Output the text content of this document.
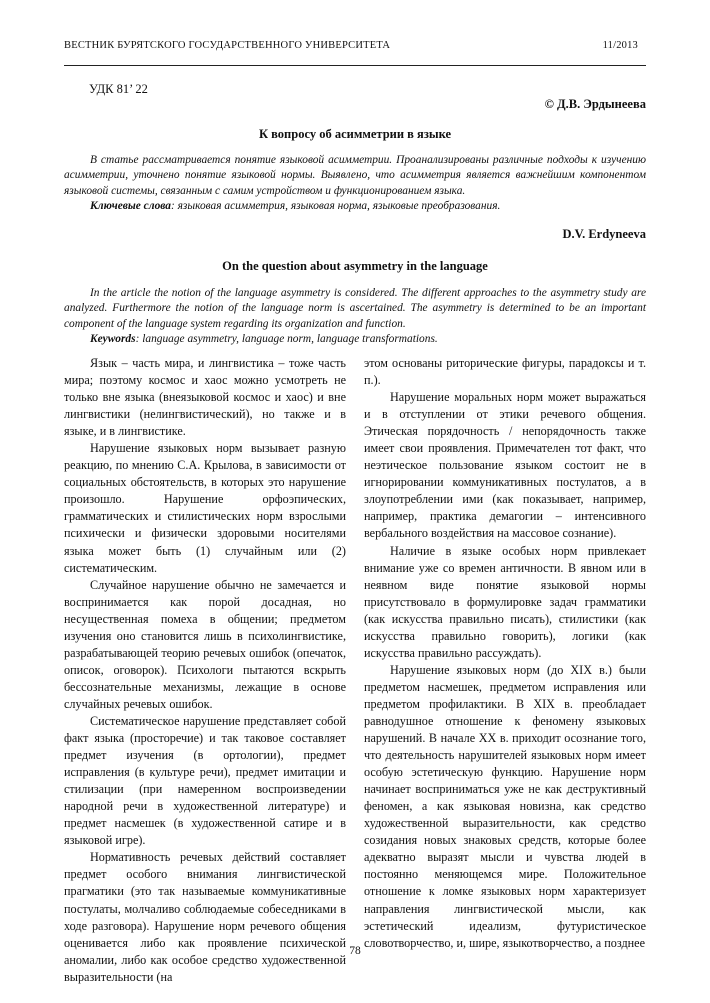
ВЕСТНИК БУРЯТСКОГО ГОСУДАРСТВЕННОГО УНИВЕРСИТЕТА	11/2013
УДК 81’ 22
© Д.В. Эрдынеева
К вопросу об асимметрии в языке

В статье рассматривается понятие языковой асимметрии. Проанализированы различные подходы к изучению асимметрии, уточнено понятие языковой нормы. Выявлено, что асимметрия является важнейшим компонентом языковой системы, связанным с самим устройством и функционированием языка.

Ключевые слова: языковая асимметрия, языковая норма, языковые преобразования.

D.V. Erdyneeva
On the question about asymmetry in the language

In the article the notion of the language asymmetry is considered. The different approaches to the asymmetry study are analyzed. Furthermore the notion of the language norm is ascertained. The asymmetry is determined to be an important component of the language system regarding its organization and function.

Keywords: language asymmetry, language norm, language transformations.

Язык – часть мира, и лингвистика – тоже часть мира; поэтому космос и хаос можно усмотреть не только вне языка (внеязыковой космос и хаос) и вне лингвистики (нелингвистический), но также и в языке, и в лингвистике.

Нарушение языковых норм вызывает разную реакцию, по мнению С.А. Крылова, в зависимости от социальных обстоятельств, в которых это нарушение произошло. Нарушение орфоэпических, грамматических и стилистических норм взрослыми психически и физически здоровыми носителями языка может быть (1) случайным или (2) систематическим.

Случайное нарушение обычно не замечается и воспринимается как порой досадная, но несущественная помеха в общении; предметом изучения оно становится лишь в психолингвистике, разрабатывающей теорию речевых ошибок (опечаток, описок, оговорок). Психологи пытаются вскрыть бессознательные механизмы, лежащие в основе случайных речевых ошибок.

Систематическое нарушение представляет собой факт языка (просторечие) и так таковое составляет предмет изучения (в ортологии), предмет исправления (в культуре речи), предмет имитации и стилизации (при намеренном воспроизведении народной речи в художественной литературе) и предмет насмешек (в художественной сатире и в языковой игре).

Нормативность речевых действий составляет предмет особого внимания лингвистической прагматики (это так называемые коммуникативные постулаты, молчаливо соблюдаемые собеседниками в ходе разговора). Нарушение норм речевого общения оценивается либо как проявление психической аномалии, либо как особое средство художественной выразительности (на

этом основаны риторические фигуры, парадоксы и т. п.).

Нарушение моральных норм может выражаться и в отступлении от этики речевого общения. Этическая порядочность / непорядочность также имеет свои проявления. Примечателен тот факт, что неэтическое пользование языком состоит не в игнорировании коммуникативных постулатов, а в злоупотреблении ими (как показывает, например, например, практика демагогии – интенсивного вербального воздействия на массовое сознание).

Наличие в языке особых норм привлекает внимание уже со времен античности. В явном или в неявном виде понятие языковой нормы присутствовало в формулировке задач грамматики (как искусства правильно писать), стилистики (как искусства правильно говорить), логики (как искусства правильно рассуждать).

Нарушение языковых норм (до XIX в.) были предметом насмешек, предметом исправления или предметом профилактики. В XIX в. преобладает равнодушное отношение к феномену языковых нарушений. В начале XX в. приходит осознание того, что деятельность нарушителей языковых норм имеет особую эстетическую функцию. Нарушение норм начинает восприниматься уже не как деструктивный феномен, а как языковая новизна, как средство художественной выразительности, как средство созидания новых знаковых средств, которые более адекватно выразят мысли и чувства людей в постоянно меняющемся мире. Положительное отношение к ломке языковых норм характеризует направления лингвистической мысли, как эстетический идеализм, футуристическое словотворчество, и, шире, языкотворчество, а позднее

78
